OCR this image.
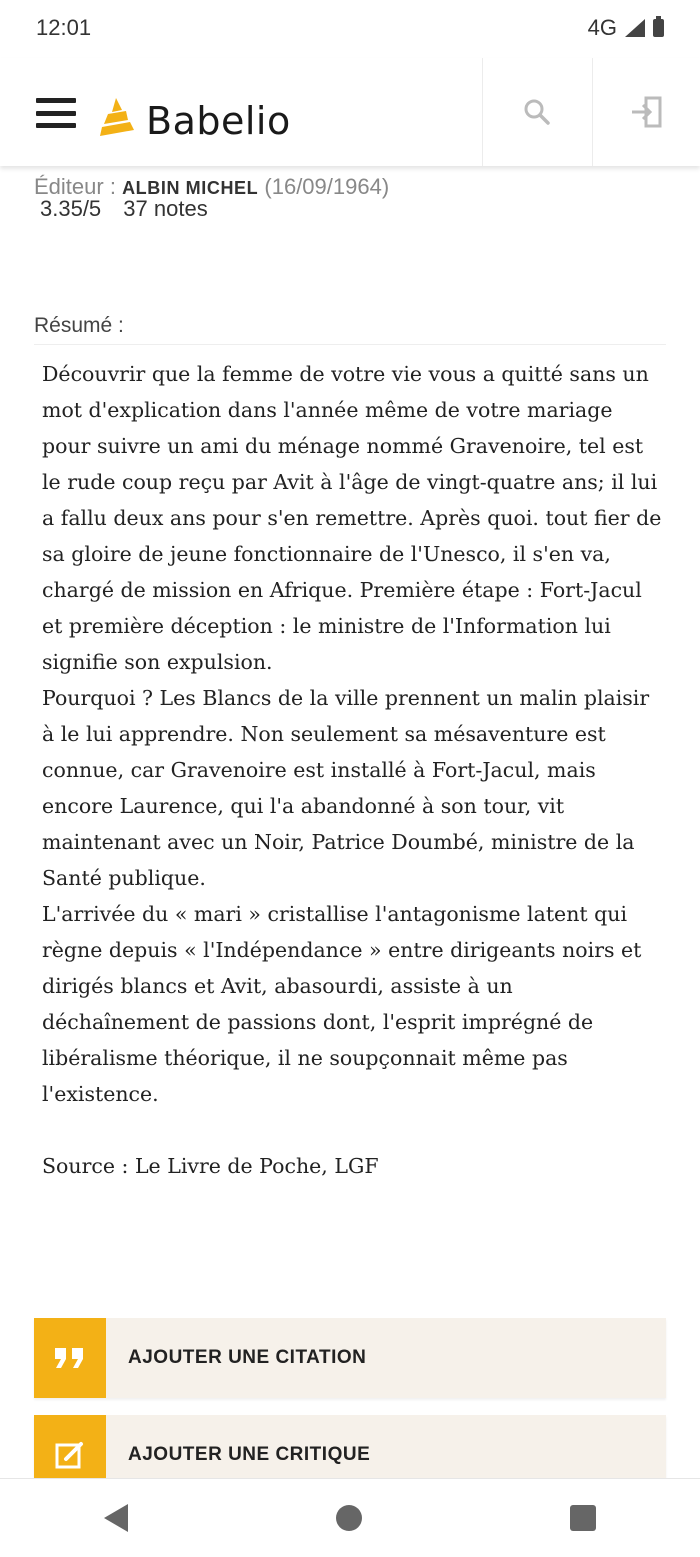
12:01	4G
Babelio
Éditeur : ALBIN MICHEL (16/09/1964)
3.35/5 37 notes
Résumé :

Découvrir que la femme de votre vie vous a quitté sans un mot d'explication dans l'année même de votre mariage pour suivre un ami du ménage nommé Gravenoire, tel est le rude coup reçu par Avit à l'âge de vingt-quatre ans; il lui a fallu deux ans pour s'en remettre. Après quoi. tout fier de sa gloire de jeune fonctionnaire de l'Unesco, il s'en va, chargé de mission en Afrique. Première étape : Fort-Jacul et première déception : le ministre de l'Information lui signifie son expulsion.

Pourquoi ? Les Blancs de la ville prennent un malin plaisir à le lui apprendre. Non seulement sa mésaventure est connue, car Gravenoire est installé à Fort-Jacul, mais encore Laurence, qui l'a abandonné à son tour, vit maintenant avec un Noir, Patrice Doumbé, ministre de la Santé publique.

L'arrivée du « mari » cristallise l'antagonisme latent qui règne depuis « l'Indépendance » entre dirigeants noirs et dirigés blancs et Avit, abasourdi, assiste à un déchaînement de passions dont, l'esprit imprégné de libéralisme théorique, il ne soupçonnait même pas l'existence.

Source : Le Livre de Poche, LGF

AJOUTER UNE CITATION
AJOUTER UNE CRITIQUE
